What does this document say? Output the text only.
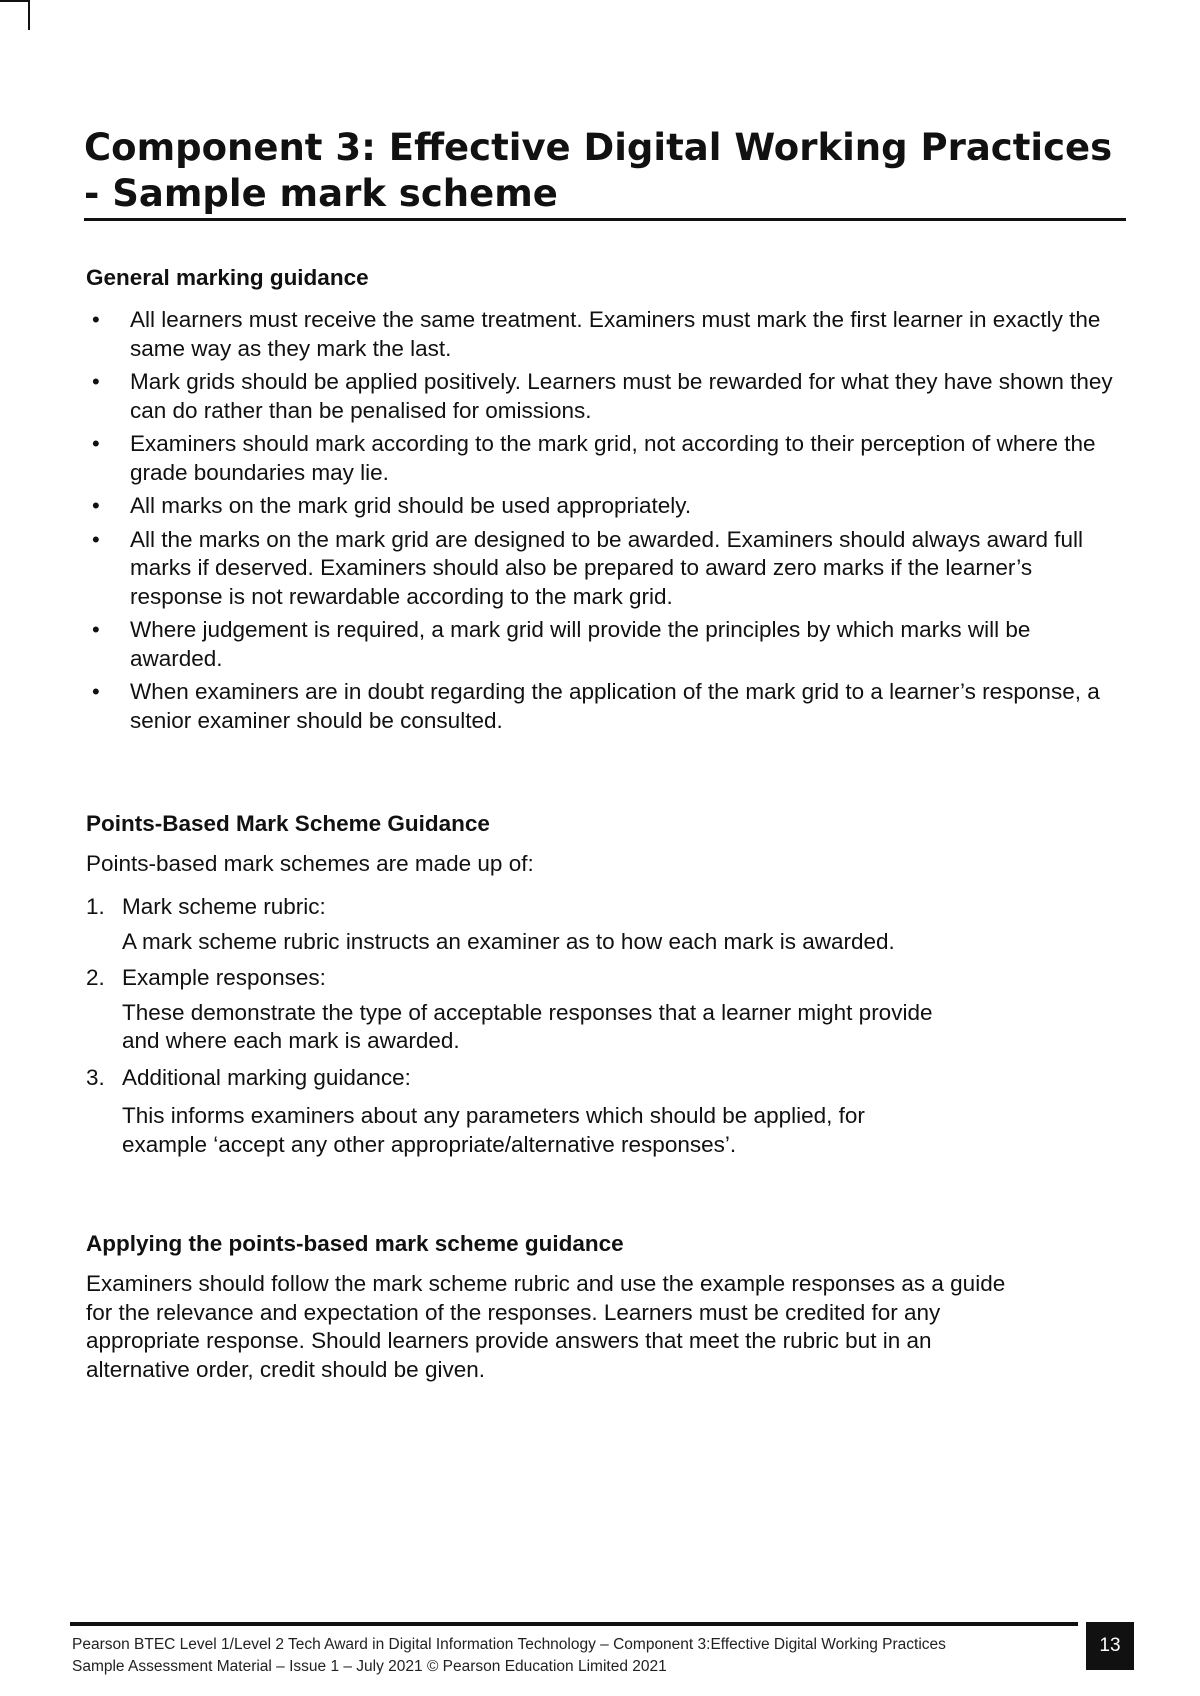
Component 3: Effective Digital Working Practices
- Sample mark scheme
General marking guidance
• All learners must receive the same treatment. Examiners must mark the first learner in exactly the same way as they mark the last.
• Mark grids should be applied positively. Learners must be rewarded for what they have shown they can do rather than be penalised for omissions.
• Examiners should mark according to the mark grid, not according to their perception of where the grade boundaries may lie.
• All marks on the mark grid should be used appropriately.
• All the marks on the mark grid are designed to be awarded. Examiners should always award full marks if deserved. Examiners should also be prepared to award zero marks if the learner’s response is not rewardable according to the mark grid.
• Where judgement is required, a mark grid will provide the principles by which marks will be awarded.
• When examiners are in doubt regarding the application of the mark grid to a learner’s response, a senior examiner should be consulted.
Points-Based Mark Scheme Guidance

Points-based mark schemes are made up of:

1. Mark scheme rubric:
A mark scheme rubric instructs an examiner as to how each mark is awarded.
2. Example responses:
These demonstrate the type of acceptable responses that a learner might provide and where each mark is awarded.
3. Additional marking guidance:
This informs examiners about any parameters which should be applied, for example ‘accept any other appropriate/alternative responses’.
Applying the points-based mark scheme guidance

Examiners should follow the mark scheme rubric and use the example responses as a guide for the relevance and expectation of the responses. Learners must be credited for any appropriate response. Should learners provide answers that meet the rubric but in an alternative order, credit should be given.

Pearson BTEC Level 1/Level 2 Tech Award in Digital Information Technology – Component 3:Effective Digital Working Practices
Sample Assessment Material – Issue 1 – July 2021 © Pearson Education Limited 2021
13
